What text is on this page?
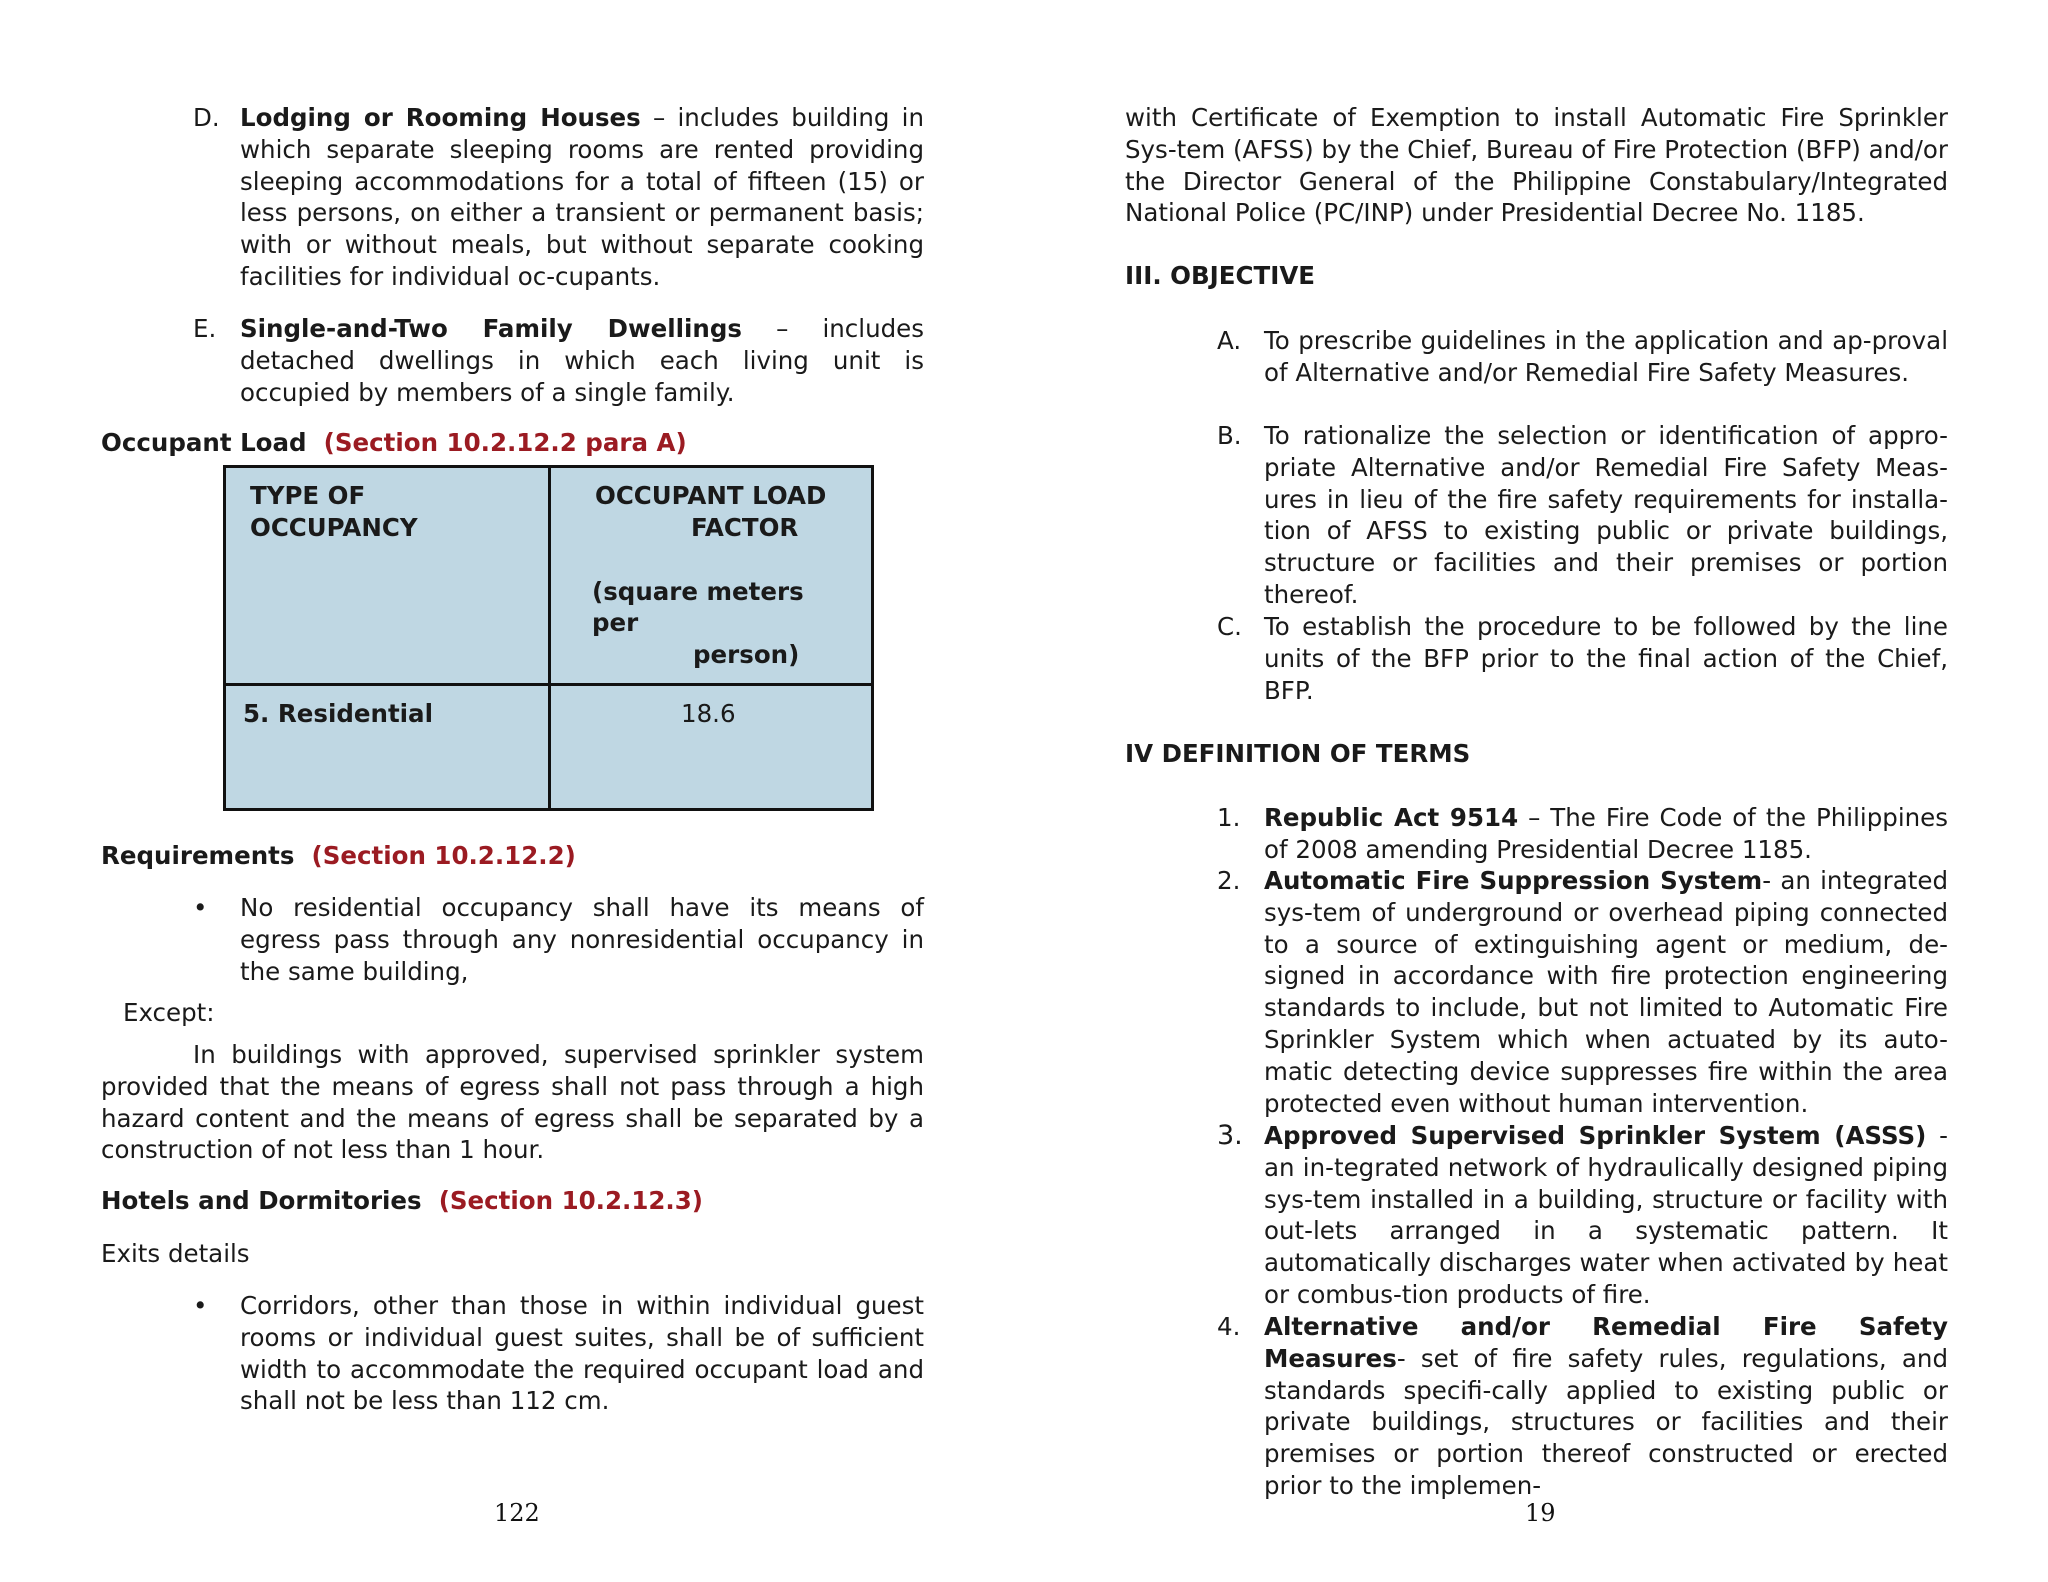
D. Lodging or Rooming Houses – includes building in which separate sleeping rooms are rented providing sleeping accommodations for a total of fifteen (15) or less persons, on either a transient or permanent basis; with or without meals, but without separate cooking facilities for individual oc-cupants.
E. Single-and-Two Family Dwellings – includes detached dwellings in which each living unit is occupied by members of a single family.
Occupant Load (Section 10.2.12.2 para A)
TYPE OF OCCUPANCY	OCCUPANT LOAD
FACTOR
(square meters per
person)

5. Residential	18.6
Requirements (Section 10.2.12.2)
•	No residential occupancy shall have its means of egress pass through any nonresidential occupancy in the same building,
Except:
In buildings with approved, supervised sprinkler system provided that the means of egress shall not pass through a high hazard content and the means of egress shall be separated by a construction of not less than 1 hour.
Hotels and Dormitories (Section 10.2.12.3)
Exits details
•	Corridors, other than those in within individual guest rooms or individual guest suites, shall be of sufficient width to accommodate the required occupant load and shall not be less than 112 cm.
122
with Certificate of Exemption to install Automatic Fire Sprinkler Sys-tem (AFSS) by the Chief, Bureau of Fire Protection (BFP) and/or the Director General of the Philippine Constabulary/Integrated National Police (PC/INP) under Presidential Decree No. 1185.
III. OBJECTIVE
A. To prescribe guidelines in the application and ap-proval of Alternative and/or Remedial Fire Safety Measures.
B. To rationalize the selection or identification of appro-priate Alternative and/or Remedial Fire Safety Meas-ures in lieu of the fire safety requirements for installa-tion of AFSS to existing public or private buildings, structure or facilities and their premises or portion thereof.
C. To establish the procedure to be followed by the line units of the BFP prior to the final action of the Chief, BFP.
IV DEFINITION OF TERMS
1. Republic Act 9514 – The Fire Code of the Philippines of 2008 amending Presidential Decree 1185.
2. Automatic Fire Suppression System- an integrated sys-tem of underground or overhead piping connected to a source of extinguishing agent or medium, de-signed in accordance with fire protection engineering standards to include, but not limited to Automatic Fire Sprinkler System which when actuated by its auto-matic detecting device suppresses fire within the area protected even without human intervention.
3. Approved Supervised Sprinkler System (ASSS) - an in-tegrated network of hydraulically designed piping sys-tem installed in a building, structure or facility with out-lets arranged in a systematic pattern. It automatically discharges water when activated by heat or combus-tion products of fire.
4. Alternative and/or Remedial Fire Safety Measures- set of fire safety rules, regulations, and standards specifi-cally applied to existing public or private buildings, structures or facilities and their premises or portion thereof constructed or erected prior to the implemen-
19
